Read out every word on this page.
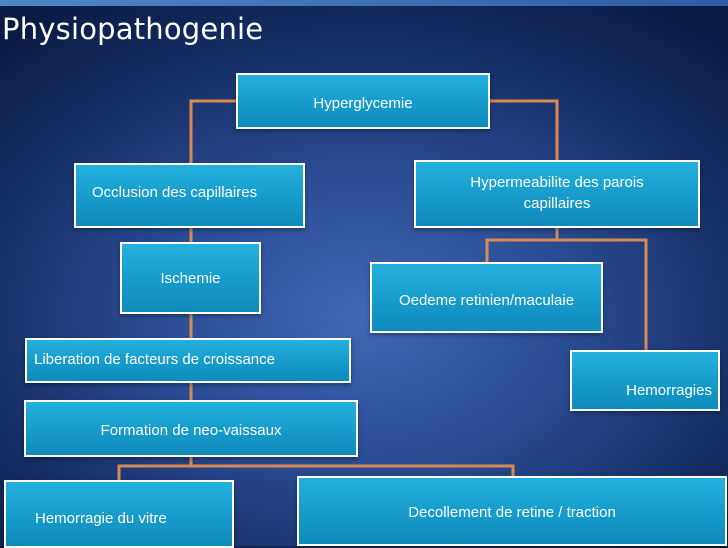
Physiopathogenie
Hyperglycemie
Occlusion des capillaires
Hypermeabilite des parois
capillaires
Ischemie
Oedeme retinien/maculaie
Liberation de facteurs de croissance
Hemorragies
Formation de neo-vaissaux
Hemorragie du vitre	Decollement de retine / traction
